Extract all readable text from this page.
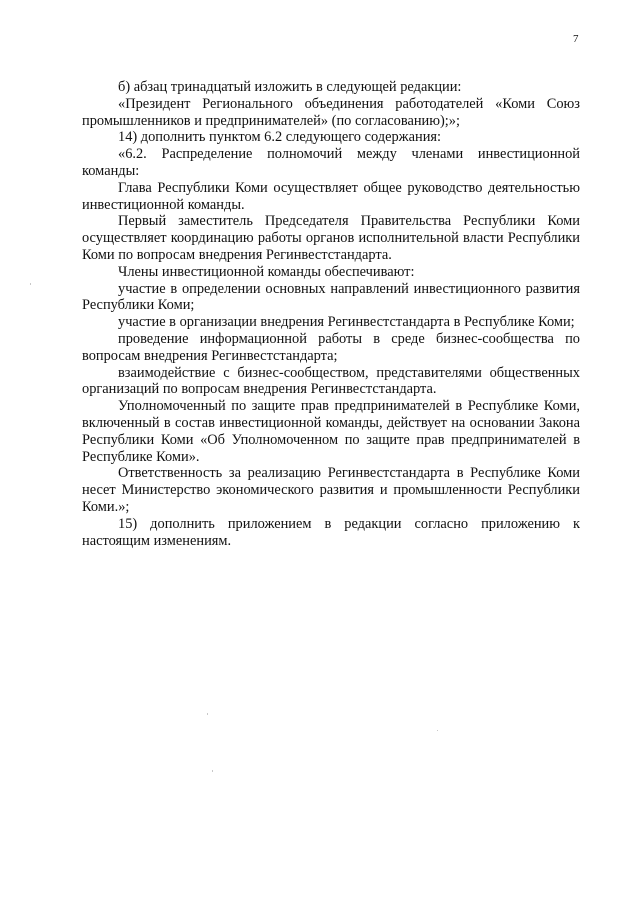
7

б) абзац тринадцатый изложить в следующей редакции:

«Президент Регионального объединения работодателей «Коми Союз промышленников и предпринимателей» (по согласованию);»;

14) дополнить пунктом 6.2 следующего содержания:

«6.2. Распределение полномочий между членами инвестиционной команды:

Глава Республики Коми осуществляет общее руководство деятельностью инвестиционной команды.

Первый заместитель Председателя Правительства Республики Коми осуществляет координацию работы органов исполнительной власти Республики Коми по вопросам внедрения Регинвестстандарта.

Члены инвестиционной команды обеспечивают:

участие в определении основных направлений инвестиционного развития Республики Коми;

участие в организации внедрения Регинвестстандарта в Республике Коми;

проведение информационной работы в среде бизнес-сообщества по вопросам внедрения Регинвестстандарта;

взаимодействие с бизнес-сообществом, представителями общественных организаций по вопросам внедрения Регинвестстандарта.

Уполномоченный по защите прав предпринимателей в Республике Коми, включенный в состав инвестиционной команды, действует на основании Закона Республики Коми «Об Уполномоченном по защите прав предпринимателей в Республике Коми».

Ответственность за реализацию Регинвестстандарта в Республике Коми несет Министерство экономического развития и промышленности Республики Коми.»;

15) дополнить приложением в редакции согласно приложению к настоящим изменениям.
